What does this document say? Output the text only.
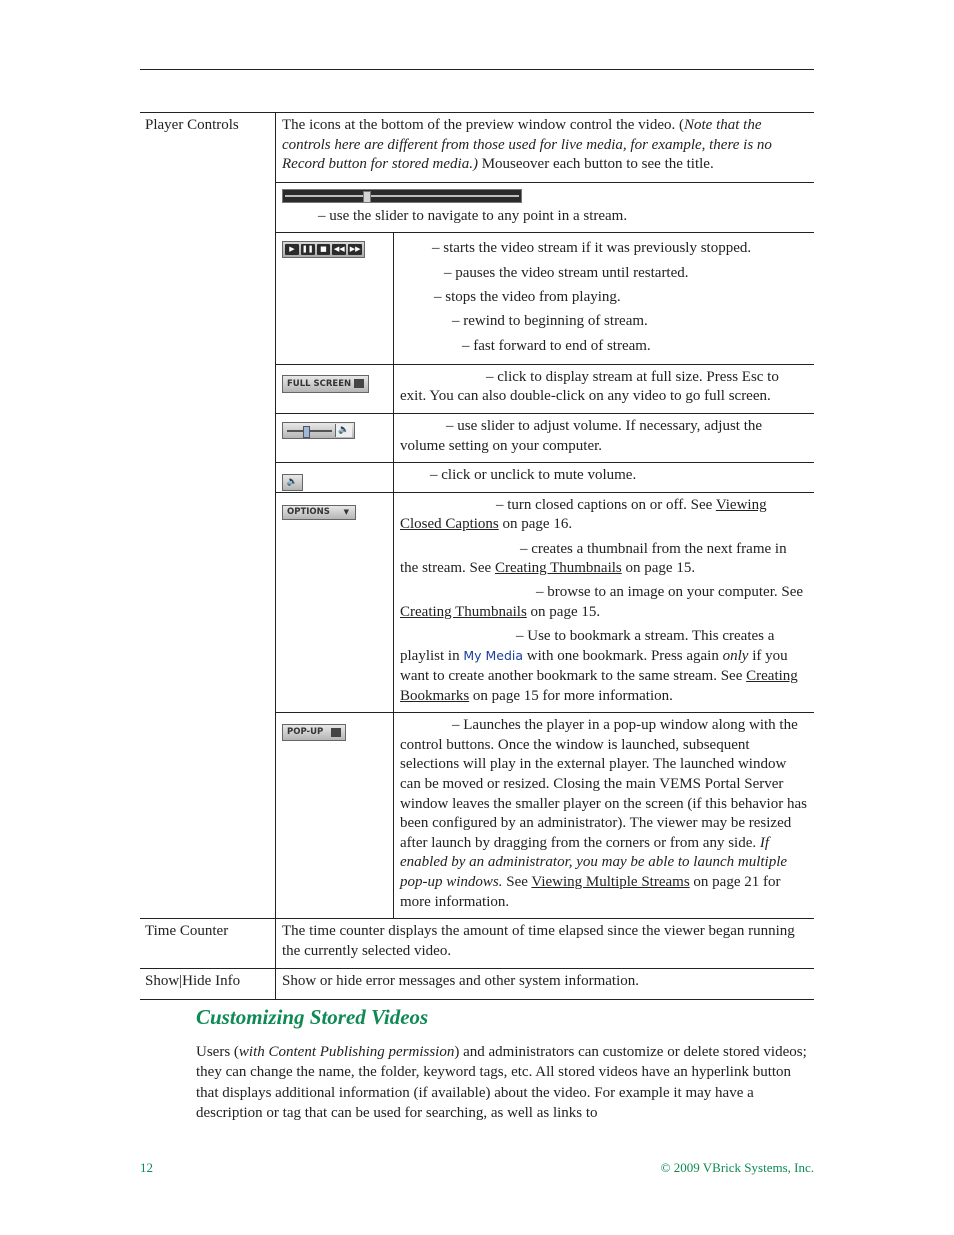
Player Controls		The icons at the bottom of the preview window control the video. (Note that the controls here are different from those used for live media, for example, there is no Record button for stored media.) Mouseover each button to see the title.

– use the slider to navigate to any point in a stream.

▶	❚❚ ■	◀◀ ▶▶	– starts the video stream if it was previously stopped.
– pauses the video stream until restarted.
– stops the video from playing.
– rewind to beginning of stream.
– fast forward to end of stream.

FULL SCREEN	– click to display stream at full size. Press Esc to exit. You can also double-click on any video to go full screen.

🔈	– use slider to adjust volume. If necessary, adjust the volume setting on your computer.
🔈	– click or unclick to mute volume.
OPTIONS ▼	– turn closed captions on or off. See Viewing Closed Captions on page 16.
– creates a thumbnail from the next frame in the stream. See Creating Thumbnails on page 15.
– browse to an image on your computer. See Creating Thumbnails on page 15.
– Use to bookmark a stream. This creates a playlist in My Media with one bookmark. Press again only if you want to create another bookmark to the same stream. See Creating Bookmarks on page 15 for more information.

POP-UP	– Launches the player in a pop-up window along with the control buttons. Once the window is launched, subsequent selections will play in the external player. The launched window can be moved or resized. Closing the main VEMS Portal Server window leaves the smaller player on the screen (if this behavior has been configured by an administrator). The viewer may be resized after launch by dragging from the corners or from any side. If enabled by an administrator, you may be able to launch multiple pop-up windows. See Viewing Multiple Streams on page 21 for more information.

Time Counter	The time counter displays the amount of time elapsed since the viewer began running the currently selected video.
Show|Hide Info	Show or hide error messages and other system information.
Customizing Stored Videos

Users (with Content Publishing permission) and administrators can customize or delete stored videos; they can change the name, the folder, keyword tags, etc. All stored videos have an hyperlink button that displays additional information (if available) about the video. For example it may have a description or tag that can be used for searching, as well as links to

12	© 2009 VBrick Systems, Inc.
